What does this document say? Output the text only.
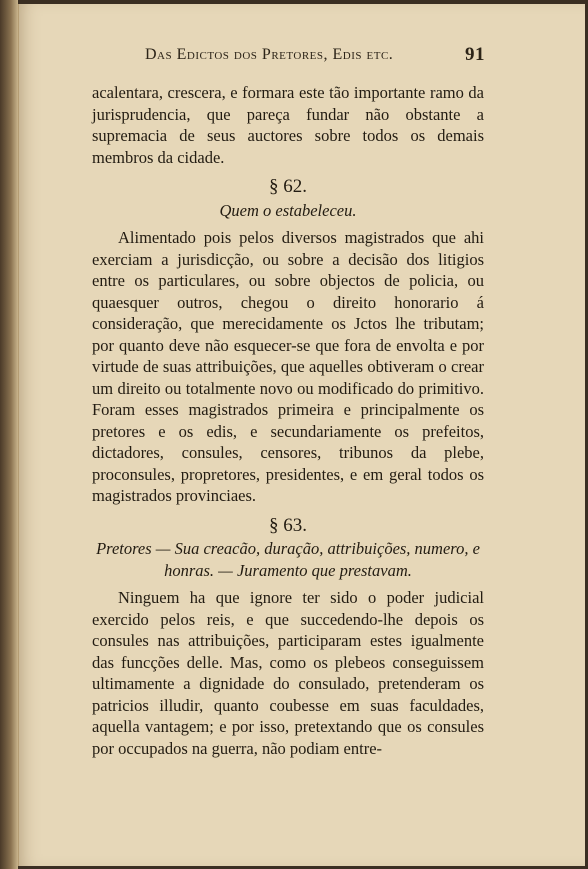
Das Edictos dos Pretores, Edis etc.	91

acalentara, crescera, e formara este tão importante ramo da jurisprudencia, que pareça fundar não obstante a supremacia de seus auctores sobre todos os demais membros da cidade.

§ 62.
Quem o estabeleceu.

Alimentado pois pelos diversos magistrados que ahi exerciam a jurisdicção, ou sobre a decisão dos litigios entre os particulares, ou sobre objectos de policia, ou quaesquer outros, chegou o direito honorario á consideração, que merecidamente os Jctos lhe tributam; por quanto deve não esquecer-se que fora de envolta e por virtude de suas attribuições, que aquelles obtiveram o crear um direito ou totalmente novo ou modificado do primitivo. Foram esses magistrados primeira e principalmente os pretores e os edis, e secundariamente os prefeitos, dictadores, consules, censores, tribunos da plebe, proconsules, propretores, presidentes, e em geral todos os magistrados provinciaes.

§ 63.
Pretores — Sua creacão, duração, attribuições, numero, e honras. — Juramento que prestavam.

Ninguem ha que ignore ter sido o poder judicial exercido pelos reis, e que succedendo-lhe depois os consules nas attribuições, participaram estes igualmente das funcções delle. Mas, como os plebeos conseguissem ultimamente a dignidade do consulado, pretenderam os patricios illudir, quanto coubesse em suas faculdades, aquella vantagem; e por isso, pretextando que os consules por occupados na guerra, não podiam entre-
